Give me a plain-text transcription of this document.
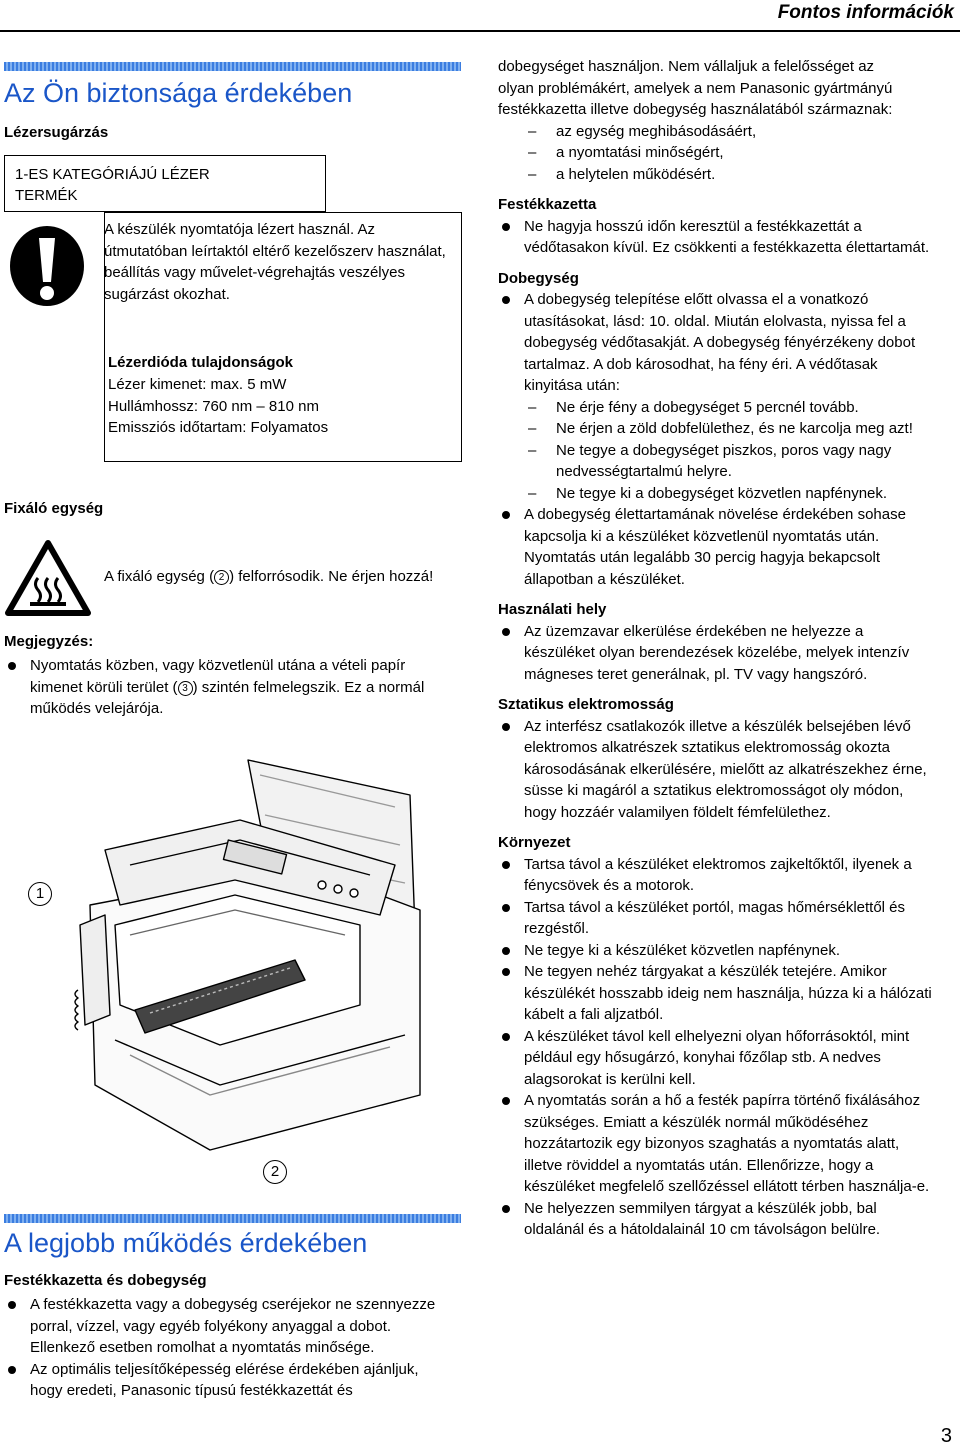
Fontos információk
Az Ön biztonsága érdekében
Lézersugárzás
1-ES KATEGÓRIÁJÚ LÉZER
TERMÉK
A készülék nyomtatója lézert használ. Az
útmutatóban leírtaktól eltérő kezelőszerv használat,
beállítás vagy művelet-végrehajtás veszélyes
sugárzást okozhat.
Lézerdióda tulajdonságok
Lézer kimenet: max. 5 mW
Hullámhossz: 760 nm – 810 nm
Emissziós időtartam: Folyamatos
Fixáló egység
A fixáló egység ( 2 ) felforrósodik. Ne érjen hozzá!
Megjegyzés:

Nyomtatás közben, vagy közvetlenül utána a vételi papír
kimenet körüli terület ( 3 ) szintén felmelegszik. Ez a normál
működés velejárója.

1
2
A legjobb működés érdekében
Festékkazetta és dobegység

A festékkazetta vagy a dobegység cseréjekor ne szennyezze
porral, vízzel, vagy egyéb folyékony anyaggal a dobot.
Ellenkező esetben romolhat a nyomtatás minősége.

Az optimális teljesítőképesség elérése érdekében ajánljuk,
hogy eredeti, Panasonic típusú festékkazettát és

dobegységet használjon. Nem vállaljuk a felelősséget az
olyan problémákért, amelyek a nem Panasonic gyártmányú
festékkazetta illetve dobegység használatából származnak:

– az egység meghibásodásáért,

– a nyomtatási minőségért,

– a helytelen működésért.

Festékkazetta

Ne hagyja hosszú időn keresztül a festékkazettát a
védőtasakon kívül. Ez csökkenti a festékkazetta élettartamát.

Dobegység

A dobegység telepítése előtt olvassa el a vonatkozó
utasításokat, lásd: 10. oldal. Miután elolvasta, nyissa fel a
dobegység védőtasakját. A dobegység fényérzékeny dobot
tartalmaz. A dob károsodhat, ha fény éri. A védőtasak
kinyitása után:

– Ne érje fény a dobegységet 5 percnél tovább.

– Ne érjen a zöld dobfelülethez, és ne karcolja meg azt!

– Ne tegye a dobegységet piszkos, poros vagy nagy
nedvességtartalmú helyre.

– Ne tegye ki a dobegységet közvetlen napfénynek.

A dobegység élettartamának növelése érdekében sohase
kapcsolja ki a készüléket közvetlenül nyomtatás után.
Nyomtatás után legalább 30 percig hagyja bekapcsolt
állapotban a készüléket.

Használati hely

Az üzemzavar elkerülése érdekében ne helyezze a
készüléket olyan berendezések közelébe, melyek intenzív
mágneses teret generálnak, pl. TV vagy hangszóró.

Sztatikus elektromosság

Az interfész csatlakozók illetve a készülék belsejében lévő
elektromos alkatrészek sztatikus elektromosság okozta
károsodásának elkerülésére, mielőtt az alkatrészekhez érne,
süsse ki magáról a sztatikus elektromosságot oly módon,
hogy hozzáér valamilyen földelt fémfelülethez.

Környezet

Tartsa távol a készüléket elektromos zajkeltőktől, ilyenek a
fénycsövek és a motorok.

Tartsa távol a készüléket portól, magas hőmérséklettől és
rezgéstől.

Ne tegye ki a készüléket közvetlen napfénynek.

Ne tegyen nehéz tárgyakat a készülék tetejére. Amikor
készülékét hosszabb ideig nem használja, húzza ki a hálózati
kábelt a fali aljzatból.

A készüléket távol kell elhelyezni olyan hőforrásoktól, mint
például egy hősugárzó, konyhai főzőlap stb. A nedves
alagsorokat is kerülni kell.

A nyomtatás során a hő a festék papírra történő fixálásához
szükséges. Emiatt a készülék normál működéséhez
hozzátartozik egy bizonyos szaghatás a nyomtatás alatt,
illetve röviddel a nyomtatás után. Ellenőrizze, hogy a
készüléket megfelelő szellőzéssel ellátott térben használja-e.

Ne helyezzen semmilyen tárgyat a készülék jobb, bal
oldalánál és a hátoldalainál 10 cm távolságon belülre.

3
